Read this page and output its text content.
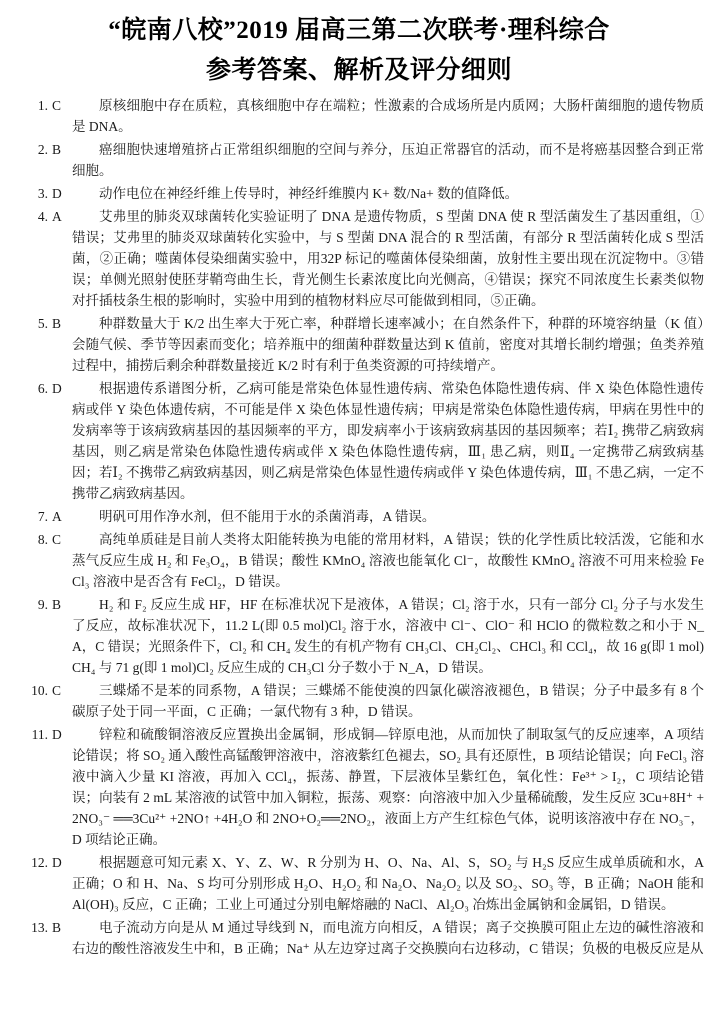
“皖南八校”2019 届高三第二次联考·理科综合
参考答案、解析及评分细则
1. C	原核细胞中存在质粒，真核细胞中存在端粒；性激素的合成场所是内质网；大肠杆菌细胞的遗传物质是 DNA。
2. B	癌细胞快速增殖挤占正常组织细胞的空间与养分，压迫正常器官的活动，而不是将癌基因整合到正常细胞。
3. D	动作电位在神经纤维上传导时，神经纤维膜内 K+ 数/Na+ 数的值降低。
4. A	艾弗里的肺炎双球菌转化实验证明了 DNA 是遗传物质，S 型菌 DNA 使 R 型活菌发生了基因重组，①错误；艾弗里的肺炎双球菌转化实验中，与 S 型菌 DNA 混合的 R 型活菌，有部分 R 型活菌转化成 S 型活菌，②正确；噬菌体侵染细菌实验中，用32P 标记的噬菌体侵染细菌，放射性主要出现在沉淀物中。③错误；单侧光照射使胚芽鞘弯曲生长，背光侧生长素浓度比向光侧高，④错误；探究不同浓度生长素类似物对扦插枝条生根的影响时，实验中用到的植物材料应尽可能做到相同，⑤正确。
5. B	种群数量大于 K/2 出生率大于死亡率，种群增长速率减小；在自然条件下，种群的环境容纳量（K 值）会随气候、季节等因素而变化；培养瓶中的细菌种群数量达到 K 值前，密度对其增长制约增强；鱼类养殖过程中，捕捞后剩余种群数量接近 K/2 时有利于鱼类资源的可持续增产。
6. D	根据遗传系谱图分析，乙病可能是常染色体显性遗传病、常染色体隐性遗传病、伴 X 染色体隐性遗传病或伴 Y 染色体遗传病，不可能是伴 X 染色体显性遗传病；甲病是常染色体隐性遗传病，甲病在男性中的发病率等于该病致病基因的基因频率的平方，即发病率小于该病致病基因的基因频率；若Ⅰ₂ 携带乙病致病基因，则乙病是常染色体隐性遗传病或伴 X 染色体隐性遗传病，Ⅲ₁ 患乙病，则Ⅱ₄ 一定携带乙病致病基因；若Ⅰ₂ 不携带乙病致病基因，则乙病是常染色体显性遗传病或伴 Y 染色体遗传病，Ⅲ₁ 不患乙病，一定不携带乙病致病基因。
7. A	明矾可用作净水剂，但不能用于水的杀菌消毒，A 错误。
8. C	高纯单质硅是目前人类将太阳能转换为电能的常用材料，A 错误；铁的化学性质比较活泼，它能和水蒸气反应生成 H₂ 和 Fe₃O₄，B 错误；酸性 KMnO₄ 溶液也能氧化 Cl⁻，故酸性 KMnO₄ 溶液不可用来检验 FeCl₃ 溶液中是否含有 FeCl₂，D 错误。
9. B	H₂ 和 F₂ 反应生成 HF，HF 在标准状况下是液体，A 错误；Cl₂ 溶于水，只有一部分 Cl₂ 分子与水发生了反应，故标准状况下，11.2 L(即 0.5 mol)Cl₂ 溶于水，溶液中 Cl⁻、ClO⁻ 和 HClO 的微粒数之和小于 N_A，C 错误；光照条件下，Cl₂ 和 CH₄ 发生的有机产物有 CH₃Cl、CH₂Cl₂、CHCl₃ 和 CCl₄，故 16 g(即 1 mol)CH₄ 与 71 g(即 1 mol)Cl₂ 反应生成的 CH₃Cl 分子数小于 N_A，D 错误。
10. C	三蝶烯不是苯的同系物，A 错误；三蝶烯不能使溴的四氯化碳溶液褪色，B 错误；分子中最多有 8 个碳原子处于同一平面，C 正确；一氯代物有 3 种，D 错误。
11. D	锌粒和硫酸铜溶液反应置换出金属铜，形成铜—锌原电池，从而加快了制取氢气的反应速率，A 项结论错误；将 SO₂ 通入酸性高锰酸钾溶液中，溶液紫红色褪去，SO₂ 具有还原性，B 项结论错误；向 FeCl₃ 溶液中滴入少量 KI 溶液，再加入 CCl₄，振荡、静置，下层液体呈紫红色，氧化性：Fe³⁺ > I₂，C 项结论错误；向装有 2 mL 某溶液的试管中加入铜粒，振荡、观察：向溶液中加入少量稀硫酸，发生反应 3Cu+8H⁺ +2NO₃⁻ ══3Cu²⁺ +2NO↑ +4H₂O 和 2NO+O₂══2NO₂，液面上方产生红棕色气体，说明该溶液中存在 NO₃⁻，D 项结论正确。
12. D	根据题意可知元素 X、Y、Z、W、R 分别为 H、O、Na、Al、S，SO₂ 与 H₂S 反应生成单质硫和水，A 正确；O 和 H、Na、S 均可分别形成 H₂O、H₂O₂ 和 Na₂O、Na₂O₂ 以及 SO₂、SO₃ 等，B 正确；NaOH 能和 Al(OH)₃ 反应，C 正确；工业上可通过分别电解熔融的 NaCl、Al₂O₃ 冶炼出金属钠和金属铝，D 错误。
13. B	电子流动方向是从 M 通过导线到 N，而电流方向相反，A 错误；离子交换膜可阻止左边的碱性溶液和右边的酸性溶液发生中和，B 正确；Na⁺ 从左边穿过离子交换膜向右边移动，C 错误；负极的电极反应是从
